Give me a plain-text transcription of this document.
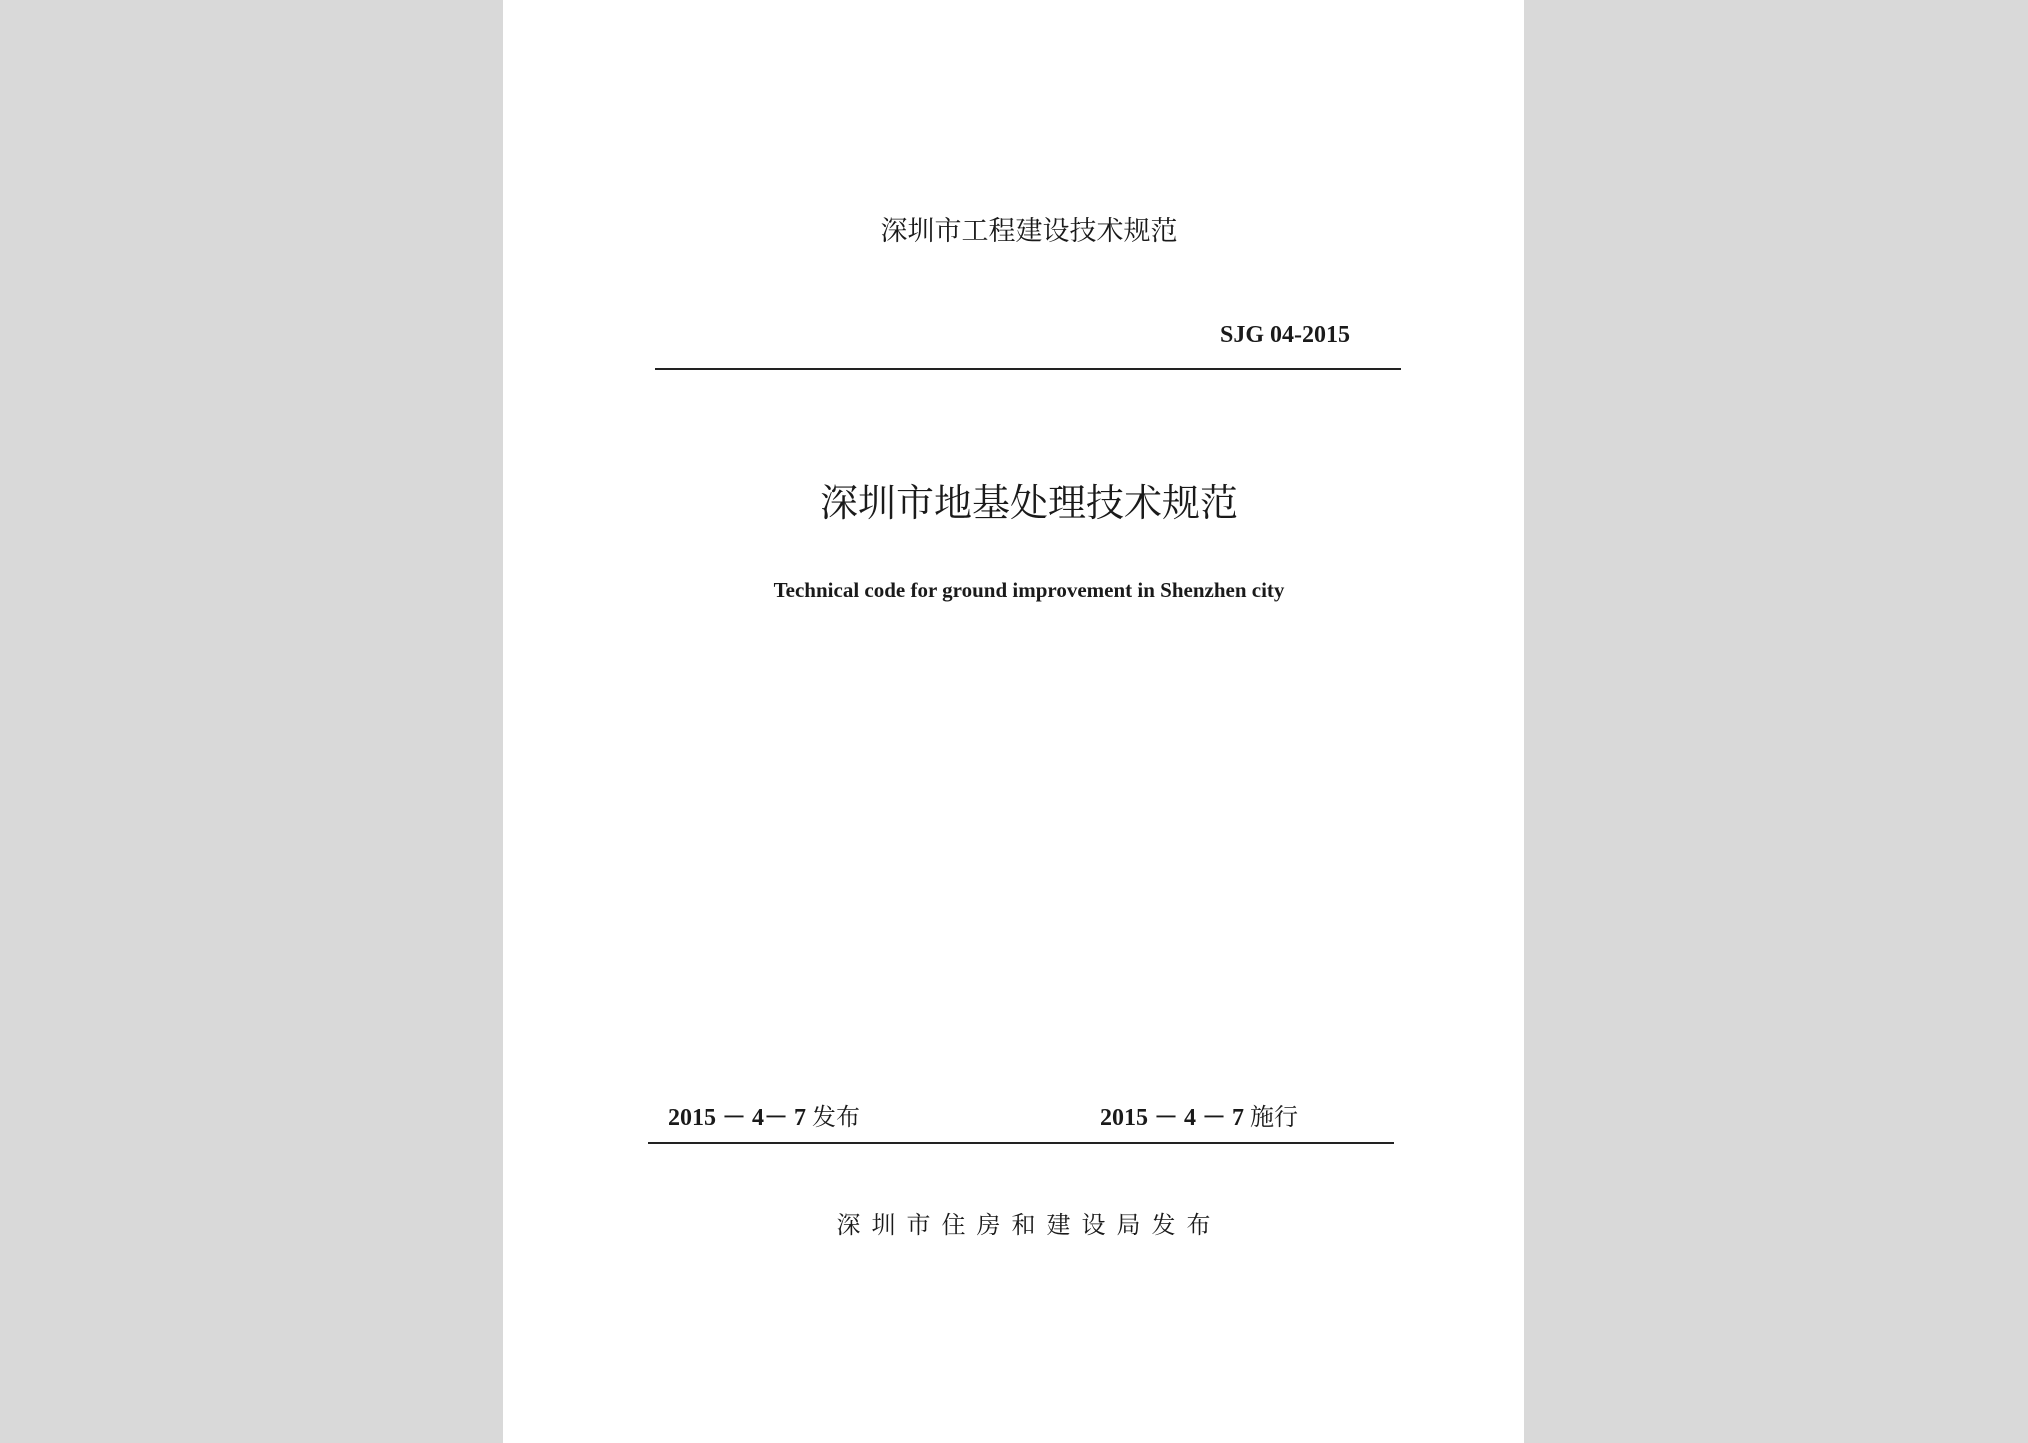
深圳市工程建设技术规范
SJG 04-2015
深圳市地基处理技术规范
Technical code for ground improvement in Shenzhen city
2015 － 4－ 7 发布	2015 － 4 － 7 施行
深圳市住房和建设局发布
